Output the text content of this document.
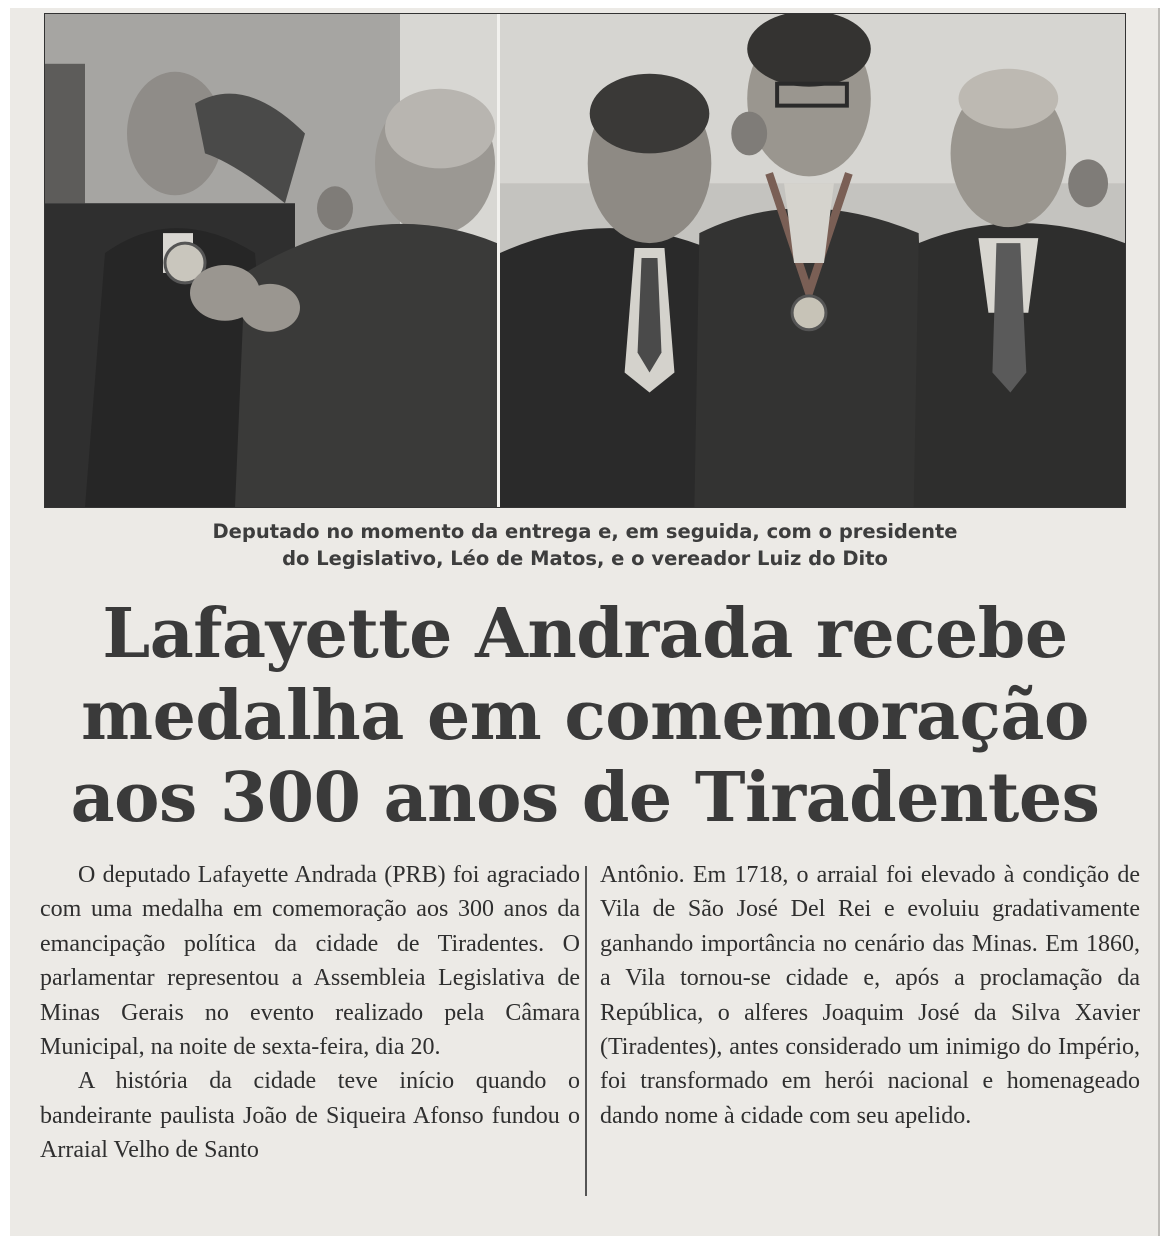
Deputado no momento da entrega e, em seguida, com o presidente
do Legislativo, Léo de Matos, e o vereador Luiz do Dito
Lafayette Andrada recebe
medalha em comemoração
aos 300 anos de Tiradentes

O deputado Lafayette Andrada (PRB) foi agraciado com uma medalha em comemoração aos 300 anos da emancipação política da cidade de Tiradentes. O parlamentar representou a Assembleia Legislativa de Minas Gerais no evento realizado pela Câmara Municipal, na noite de sexta-feira, dia 20.

A história da cidade teve início quando o bandeirante paulista João de Siqueira Afonso fundou o Arraial Velho de Santo

Antônio. Em 1718, o arraial foi elevado à condição de Vila de São José Del Rei e evoluiu gradativamente ganhando importância no cenário das Minas. Em 1860, a Vila tornou-se cidade e, após a proclamação da República, o alferes Joaquim José da Silva Xavier (Tiradentes), antes considerado um inimigo do Império, foi transformado em herói nacional e homenageado dando nome à cidade com seu apelido.
